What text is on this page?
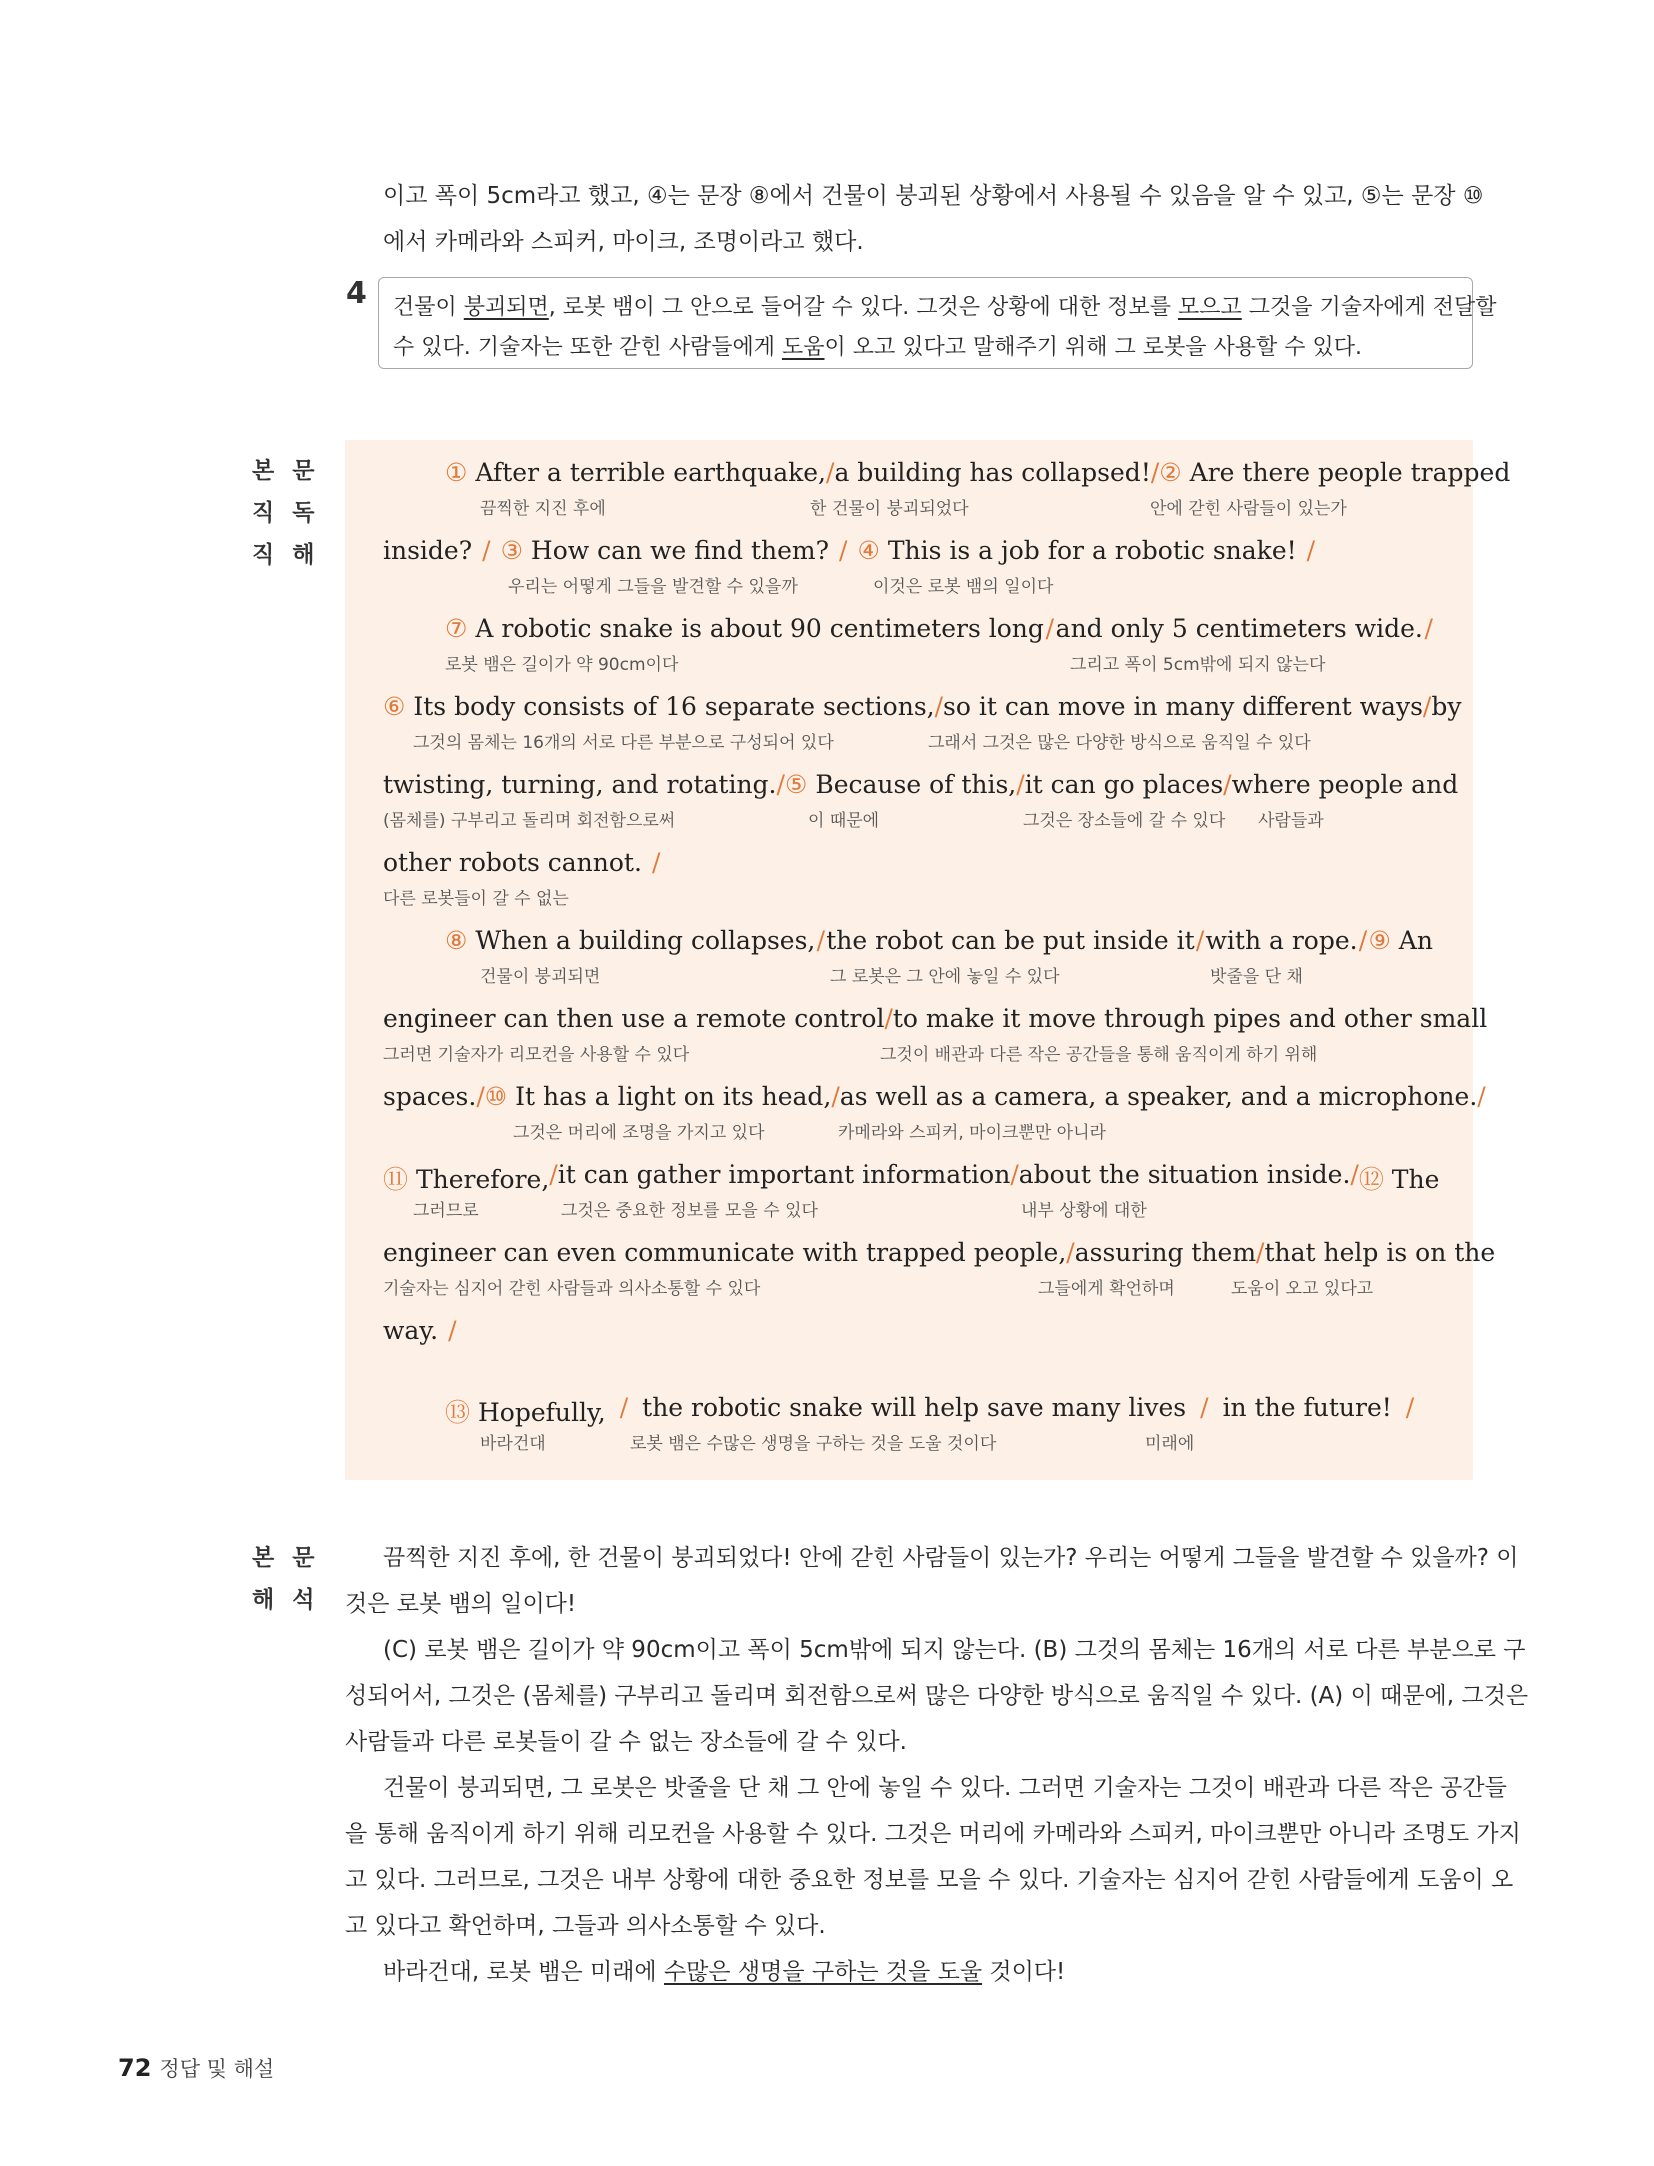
이고 폭이 5cm라고 했고, ④는 문장 ⑧에서 건물이 붕괴된 상황에서 사용될 수 있음을 알 수 있고, ⑤는 문장 ⑩

에서 카메라와 스피커, 마이크, 조명이라고 했다.

4 건물이 붕괴되면, 로봇 뱀이 그 안으로 들어갈 수 있다. 그것은 상황에 대한 정보를 모으고 그것을 기술자에게 전달할

수 있다. 기술자는 또한 갇힌 사람들에게 도움이 오고 있다고 말해주기 위해 그 로봇을 사용할 수 있다.

본문
직독
직해
본문
해석
① After a terrible earthquake, / a building has collapsed! / ② Are there people trapped
끔찍한 지진 후에	한 건물이 붕괴되었다	안에 갇힌 사람들이 있는가
inside? / ③ How can we find them? / ④ This is a job for a robotic snake! /
우리는 어떻게 그들을 발견할 수 있을까	이것은 로봇 뱀의 일이다
⑦ A robotic snake is about 90 centimeters long / and only 5 centimeters wide. /
로봇 뱀은 길이가 약 90cm이다	그리고 폭이 5cm밖에 되지 않는다
⑥ Its body consists of 16 separate sections, / so it can move in many different ways / by
그것의 몸체는 16개의 서로 다른 부분으로 구성되어 있다	그래서 그것은 많은 다양한 방식으로 움직일 수 있다
twisting, turning, and rotating. / ⑤ Because of this, / it can go places / where people and
(몸체를) 구부리고 돌리며 회전함으로써	이 때문에	그것은 장소들에 갈 수 있다 사람들과
other robots cannot. /
다른 로봇들이 갈 수 없는
⑧ When a building collapses, / the robot can be put inside it / with a rope. / ⑨ An
건물이 붕괴되면	그 로봇은 그 안에 놓일 수 있다	밧줄을 단 채
engineer can then use a remote control / to make it move through pipes and other small
그러면 기술자가 리모컨을 사용할 수 있다	그것이 배관과 다른 작은 공간들을 통해 움직이게 하기 위해
spaces. / ⑩ It has a light on its head, / as well as a camera, a speaker, and a microphone. /
그것은 머리에 조명을 가지고 있다	카메라와 스피커, 마이크뿐만 아니라
⑪ Therefore, / it can gather important information / about the situation inside. / ⑫ The
그러므로	그것은 중요한 정보를 모을 수 있다	내부 상황에 대한
engineer can even communicate with trapped people, / assuring them / that help is on the
기술자는 심지어 갇힌 사람들과 의사소통할 수 있다	그들에게 확언하며	도움이 오고 있다고
way. /
⑬ Hopefully, / the robotic snake will help save many lives / in the future! /
바라건대	로봇 뱀은 수많은 생명을 구하는 것을 도울 것이다	미래에

끔찍한 지진 후에, 한 건물이 붕괴되었다! 안에 갇힌 사람들이 있는가? 우리는 어떻게 그들을 발견할 수 있을까? 이

것은 로봇 뱀의 일이다!

(C) 로봇 뱀은 길이가 약 90cm이고 폭이 5cm밖에 되지 않는다. (B) 그것의 몸체는 16개의 서로 다른 부분으로 구

성되어서, 그것은 (몸체를) 구부리고 돌리며 회전함으로써 많은 다양한 방식으로 움직일 수 있다. (A) 이 때문에, 그것은

사람들과 다른 로봇들이 갈 수 없는 장소들에 갈 수 있다.

건물이 붕괴되면, 그 로봇은 밧줄을 단 채 그 안에 놓일 수 있다. 그러면 기술자는 그것이 배관과 다른 작은 공간들

을 통해 움직이게 하기 위해 리모컨을 사용할 수 있다. 그것은 머리에 카메라와 스피커, 마이크뿐만 아니라 조명도 가지

고 있다. 그러므로, 그것은 내부 상황에 대한 중요한 정보를 모을 수 있다. 기술자는 심지어 갇힌 사람들에게 도움이 오

고 있다고 확언하며, 그들과 의사소통할 수 있다.

바라건대, 로봇 뱀은 미래에 수많은 생명을 구하는 것을 도울 것이다!

72 정답 및 해설
